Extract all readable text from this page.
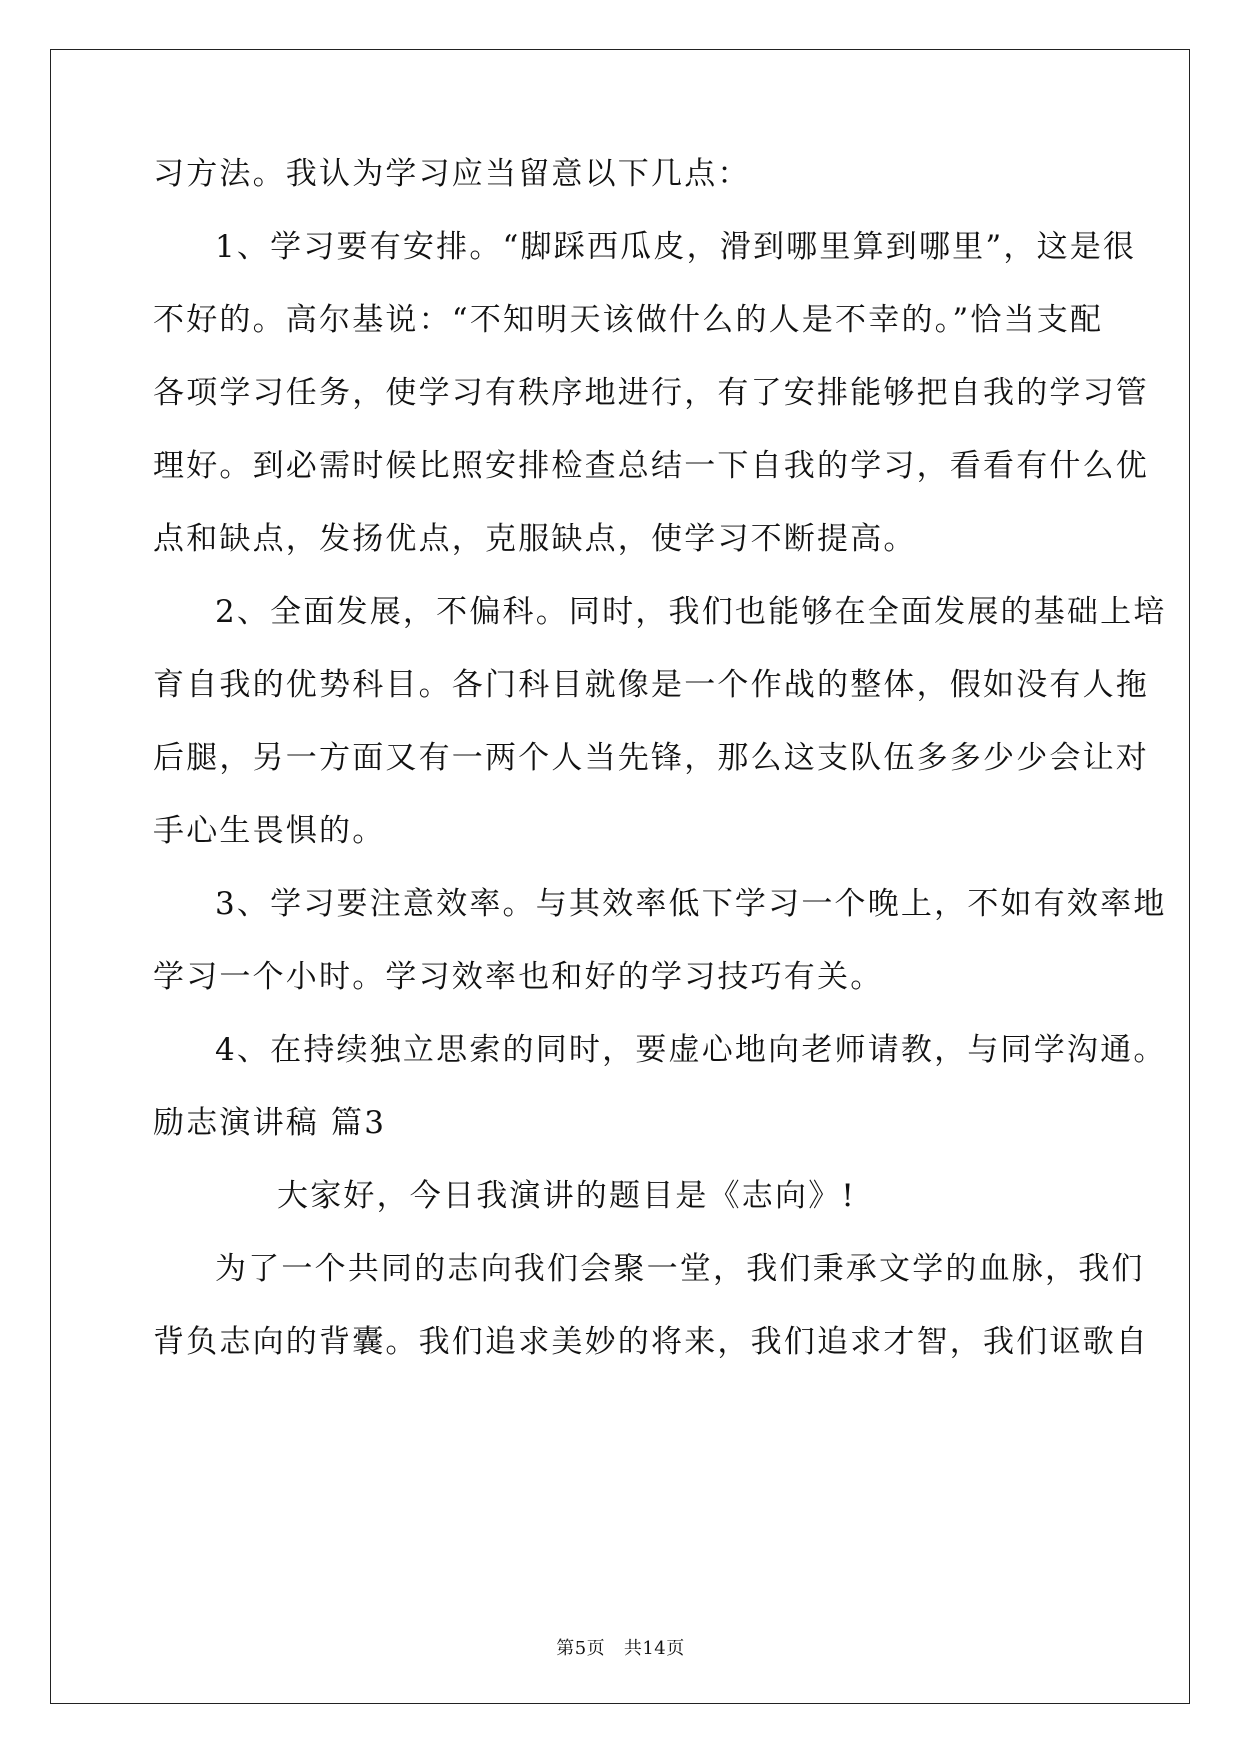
习方法。我认为学习应当留意以下几点：
1、学习要有安排。“脚踩西瓜皮，滑到哪里算到哪里”，这是很
不好的。高尔基说：“不知明天该做什么的人是不幸的。”恰当支配
各项学习任务，使学习有秩序地进行，有了安排能够把自我的学习管
理好。到必需时候比照安排检查总结一下自我的学习，看看有什么优
点和缺点，发扬优点，克服缺点，使学习不断提高。
2、全面发展，不偏科。同时，我们也能够在全面发展的基础上培
育自我的优势科目。各门科目就像是一个作战的整体，假如没有人拖
后腿，另一方面又有一两个人当先锋，那么这支队伍多多少少会让对
手心生畏惧的。
3、学习要注意效率。与其效率低下学习一个晚上，不如有效率地
学习一个小时。学习效率也和好的学习技巧有关。
4、在持续独立思索的同时，要虚心地向老师请教，与同学沟通。
励志演讲稿 篇3
大家好，今日我演讲的题目是《志向》!
为了一个共同的志向我们会聚一堂，我们秉承文学的血脉，我们
背负志向的背囊。我们追求美妙的将来，我们追求才智，我们讴歌自
第5页   共14页
